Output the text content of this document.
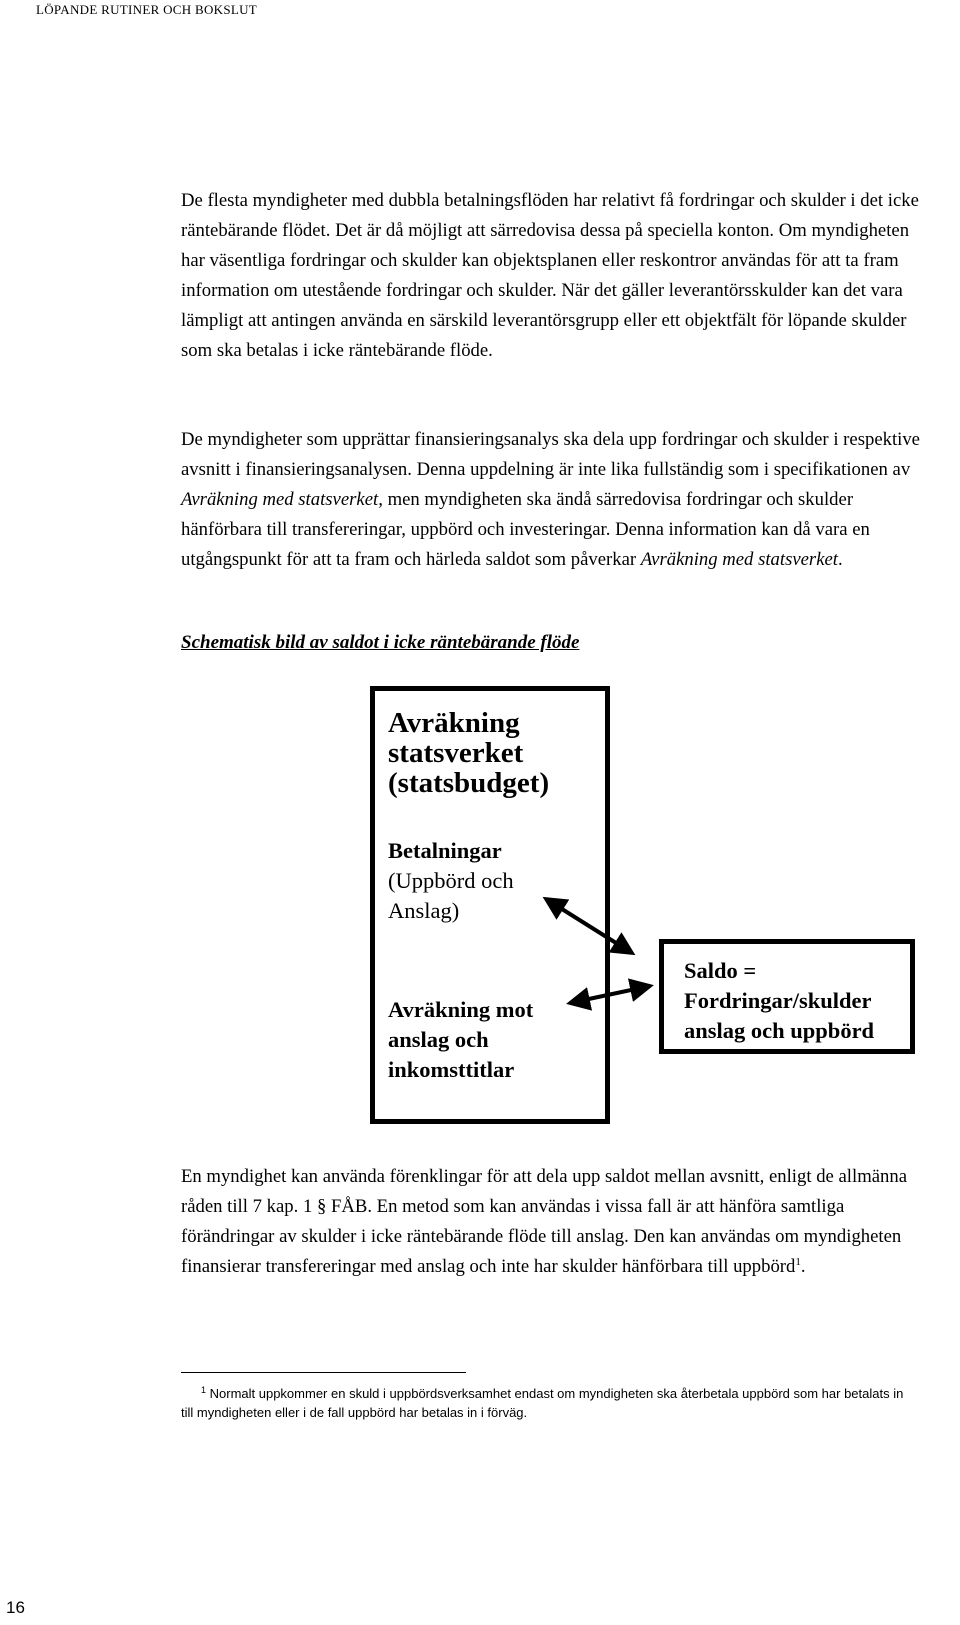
LÖPANDE RUTINER OCH BOKSLUT

De flesta myndigheter med dubbla betalningsflöden har relativt få fordringar och skulder i det icke räntebärande flödet. Det är då möjligt att särredovisa dessa på speciella konton. Om myndigheten har väsentliga fordringar och skulder kan objektsplanen eller reskontror användas för att ta fram information om utestående fordringar och skulder. När det gäller leverantörsskulder kan det vara lämpligt att antingen använda en särskild leverantörsgrupp eller ett objektfält för löpande skulder som ska betalas i icke räntebärande flöde.

De myndigheter som upprättar finansieringsanalys ska dela upp fordringar och skulder i respektive avsnitt i finansieringsanalysen. Denna uppdelning är inte lika fullständig som i specifikationen av Avräkning med statsverket, men myndigheten ska ändå särredovisa fordringar och skulder hänförbara till transfereringar, uppbörd och investeringar. Denna information kan då vara en utgångspunkt för att ta fram och härleda saldot som påverkar Avräkning med statsverket.

Schematisk bild av saldot i icke räntebärande flöde
Avräkning
statsverket
(statsbudget)
Betalningar
(Uppbörd och
Anslag)
Avräkning mot
anslag och
inkomsttitlar
Saldo =
Fordringar/skulder
anslag och uppbörd

En myndighet kan använda förenklingar för att dela upp saldot mellan avsnitt, enligt de allmänna råden till 7 kap. 1 § FÅB. En metod som kan användas i vissa fall är att hänföra samtliga förändringar av skulder i icke räntebärande flöde till anslag. Den kan användas om myndigheten finansierar transfereringar med anslag och inte har skulder hänförbara till uppbörd$^1$.

$^1$ Normalt uppkommer en skuld i uppbördsverksamhet endast om myndigheten ska återbetala uppbörd som har betalats in till myndigheten eller i de fall uppbörd har betalas in i förväg.

16
